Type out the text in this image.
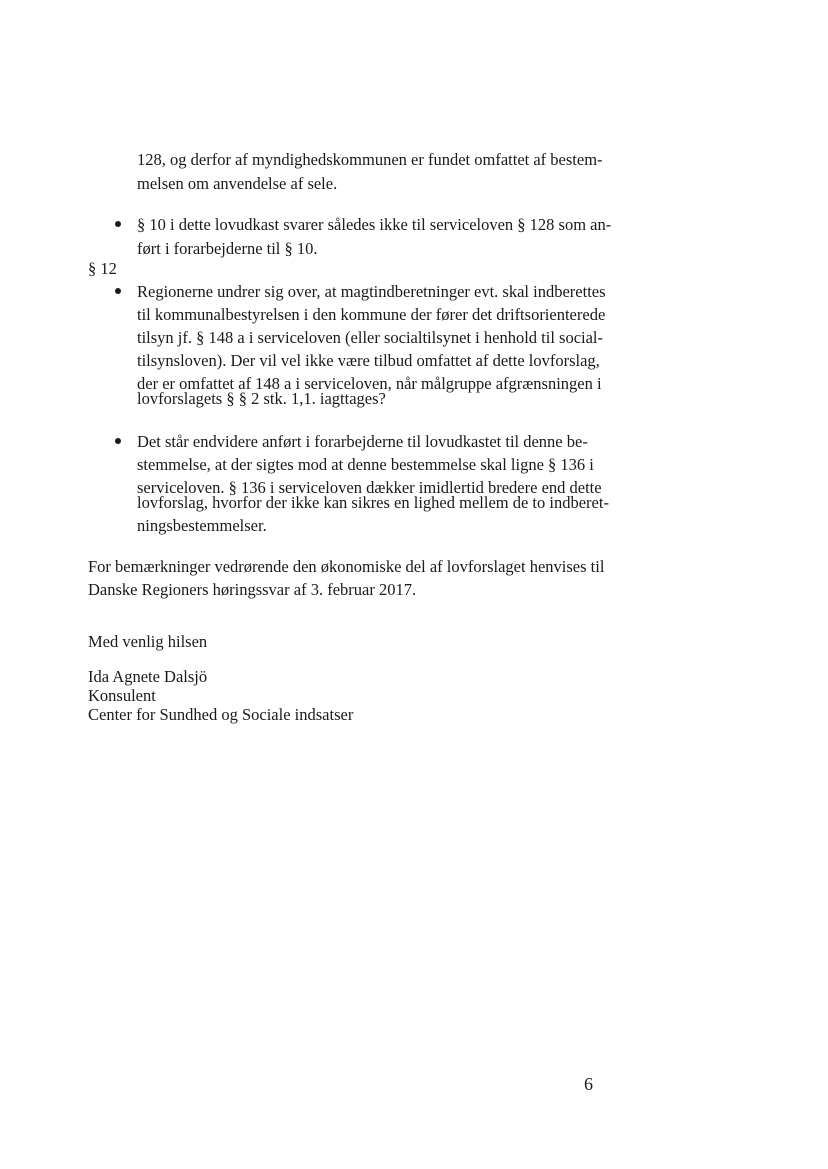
128, og derfor af myndighedskommunen er fundet omfattet af bestem-
melsen om anvendelse af sele.
§ 10 i dette lovudkast svarer således ikke til serviceloven § 128 som an-
ført i forarbejderne til § 10.
§ 12
Regionerne undrer sig over, at magtindberetninger evt. skal indberettes
til kommunalbestyrelsen i den kommune der fører det driftsorienterede
tilsyn jf. § 148 a i serviceloven (eller socialtilsynet i henhold til social-
tilsynsloven). Der vil vel ikke være tilbud omfattet af dette lovforslag,
der er omfattet af 148 a i serviceloven, når målgruppe afgrænsningen i
lovforslagets § § 2 stk. 1,1. iagttages?
Det står endvidere anført i forarbejderne til lovudkastet til denne be-
stemmelse, at der sigtes mod at denne bestemmelse skal ligne § 136 i
serviceloven. § 136 i serviceloven dækker imidlertid bredere end dette
lovforslag, hvorfor der ikke kan sikres en lighed mellem de to indberet-
ningsbestemmelser.
For bemærkninger vedrørende den økonomiske del af lovforslaget henvises til
Danske Regioners høringssvar af 3. februar 2017.
Med venlig hilsen
Ida Agnete Dalsjö
Konsulent
Center for Sundhed og Sociale indsatser
6
